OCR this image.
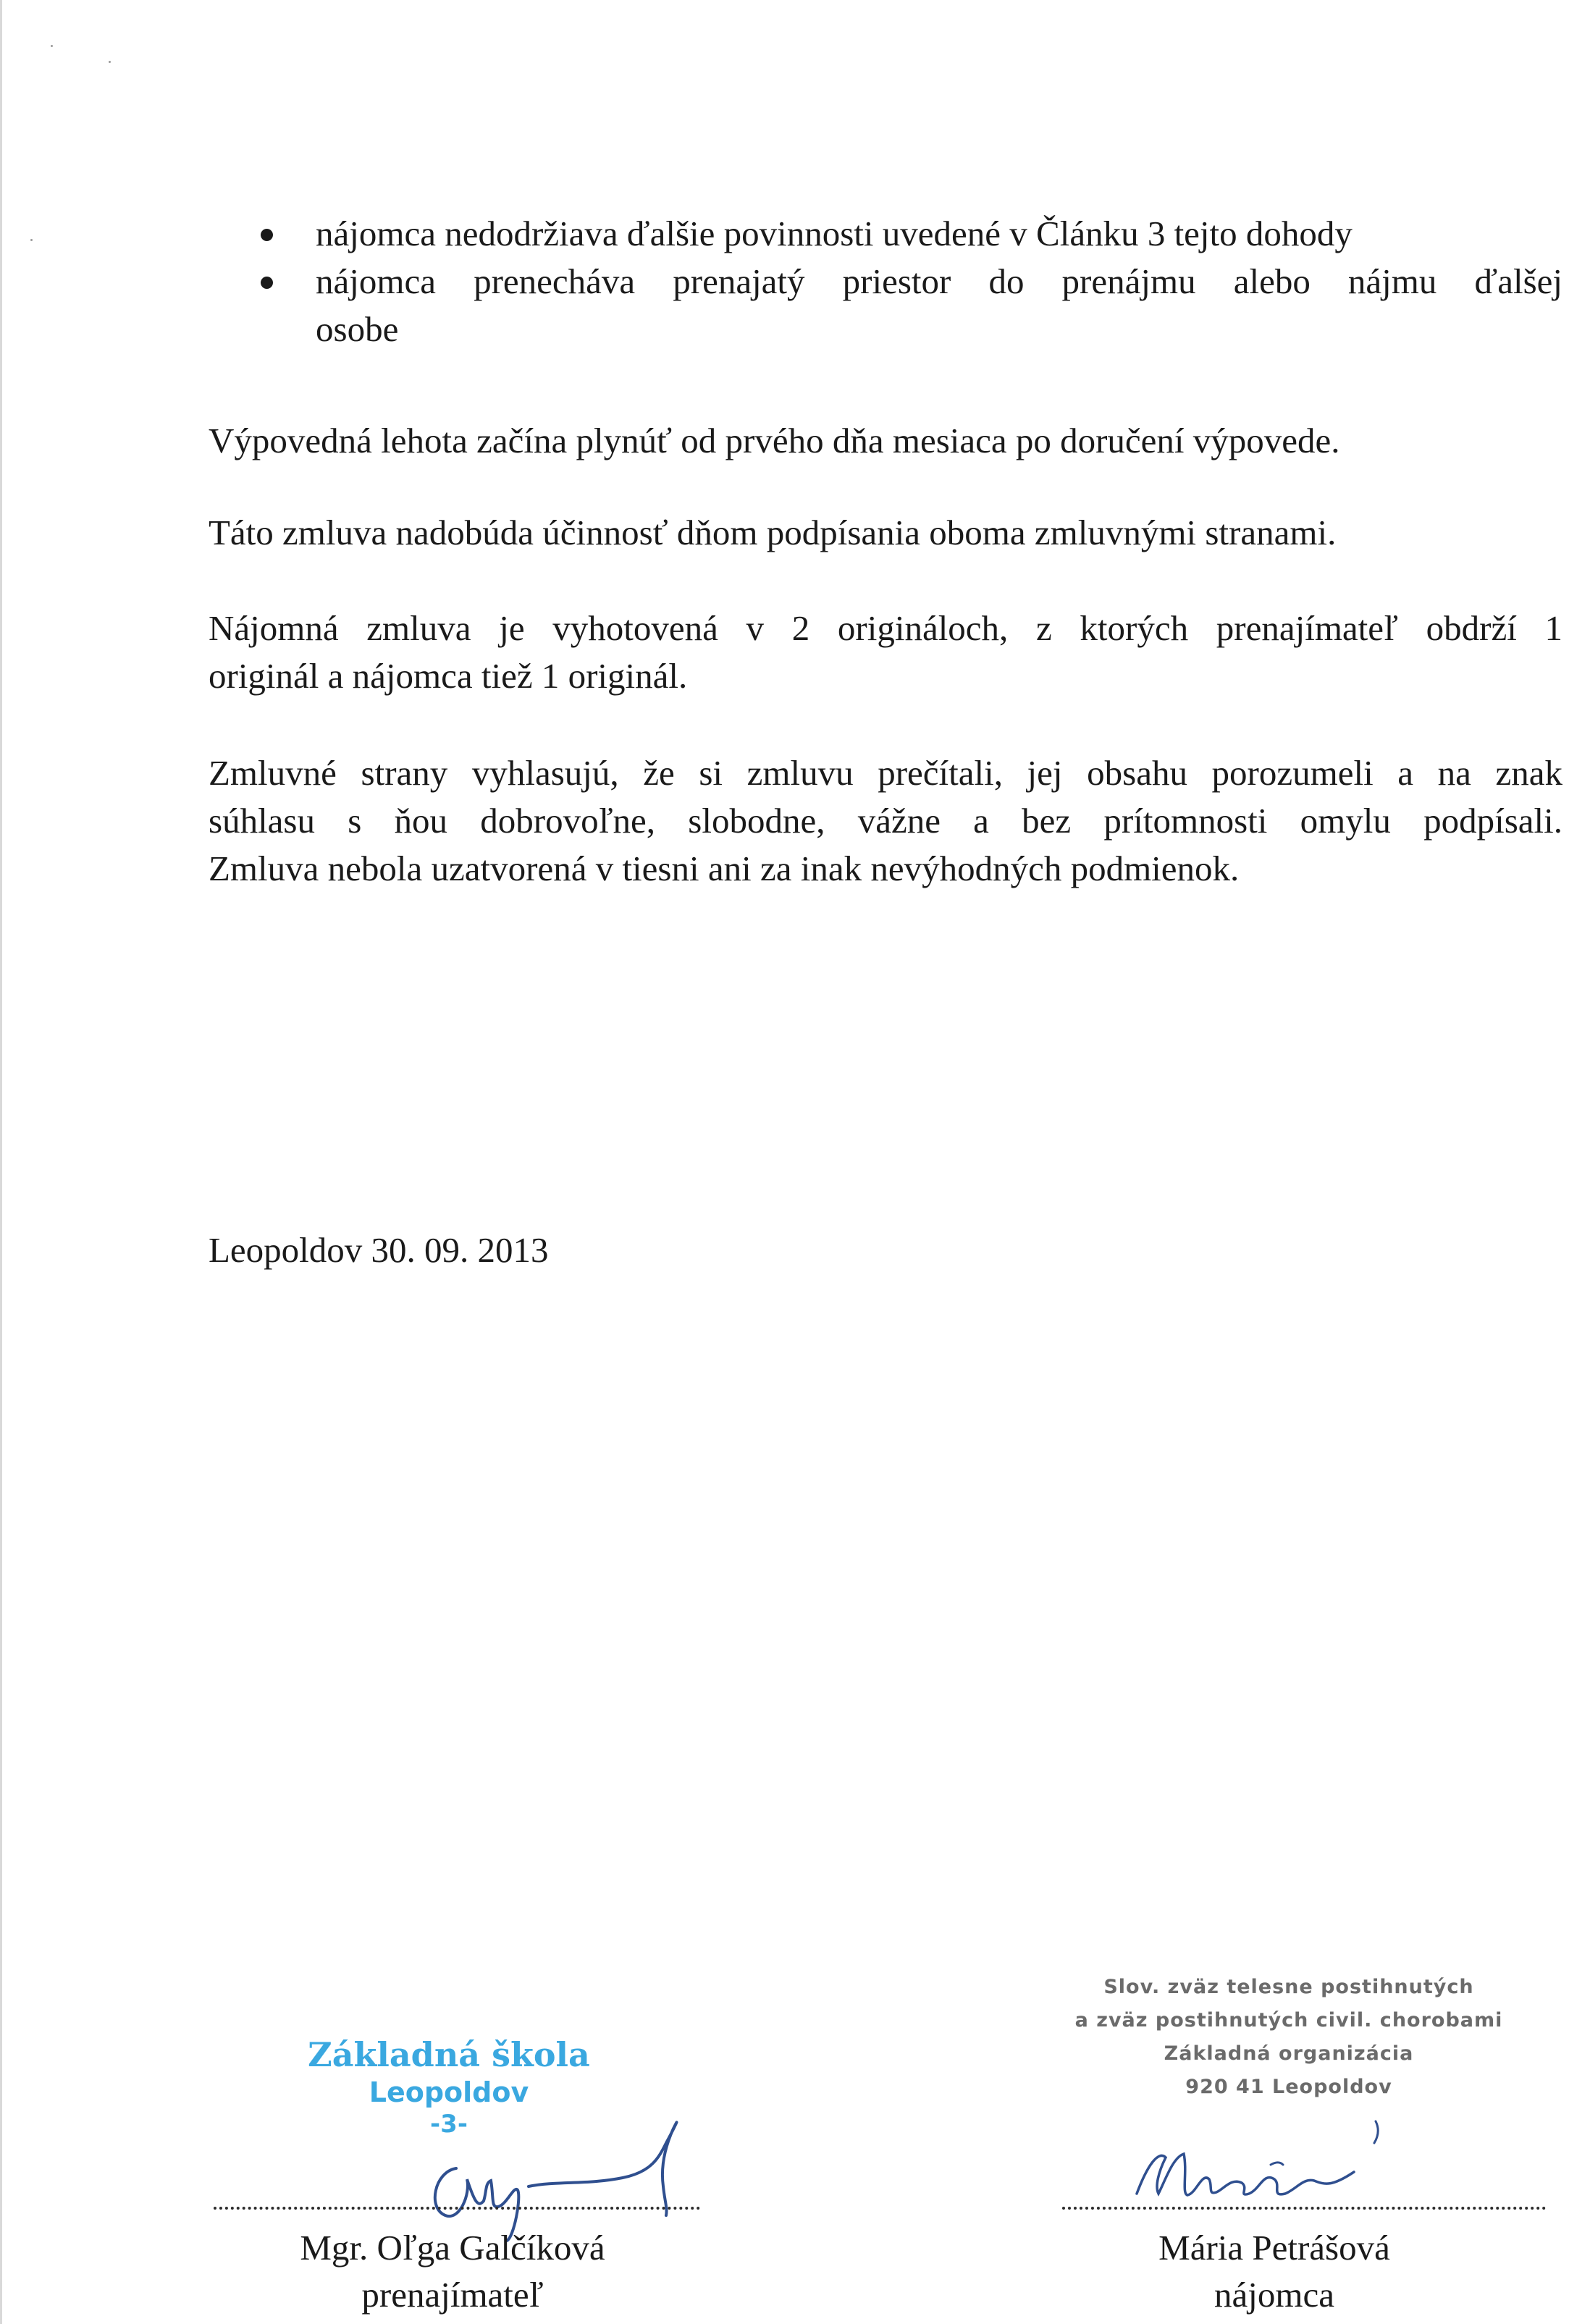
nájomca nedodržiava ďalšie povinnosti uvedené v Článku 3 tejto dohody
nájomca prenecháva prenajatý priestor do prenájmu alebo nájmu ďalšej
osobe

Výpovedná lehota začína plynúť od prvého dňa mesiaca po doručení výpovede.

Táto zmluva nadobúda účinnosť dňom podpísania oboma zmluvnými stranami.

Nájomná zmluva je vyhotovená v 2 origináloch, z ktorých prenajímateľ obdrží 1
originál a nájomca tiež 1 originál.

Zmluvné strany vyhlasujú, že si zmluvu prečítali, jej obsahu porozumeli a na znak
súhlasu s ňou dobrovoľne, slobodne, vážne a bez prítomnosti omylu podpísali.
Zmluva nebola uzatvorená v tiesni ani za inak nevýhodných podmienok.

Leopoldov 30. 09. 2013

Základná škola
Leopoldov
-3-

Mgr. Oľga Galčíková

prenajímateľ

Slov. zväz telesne postihnutých
a zväz postihnutých civil. chorobami
Základná organizácia
920 41 Leopoldov

Mária Petrášová

nájomca
